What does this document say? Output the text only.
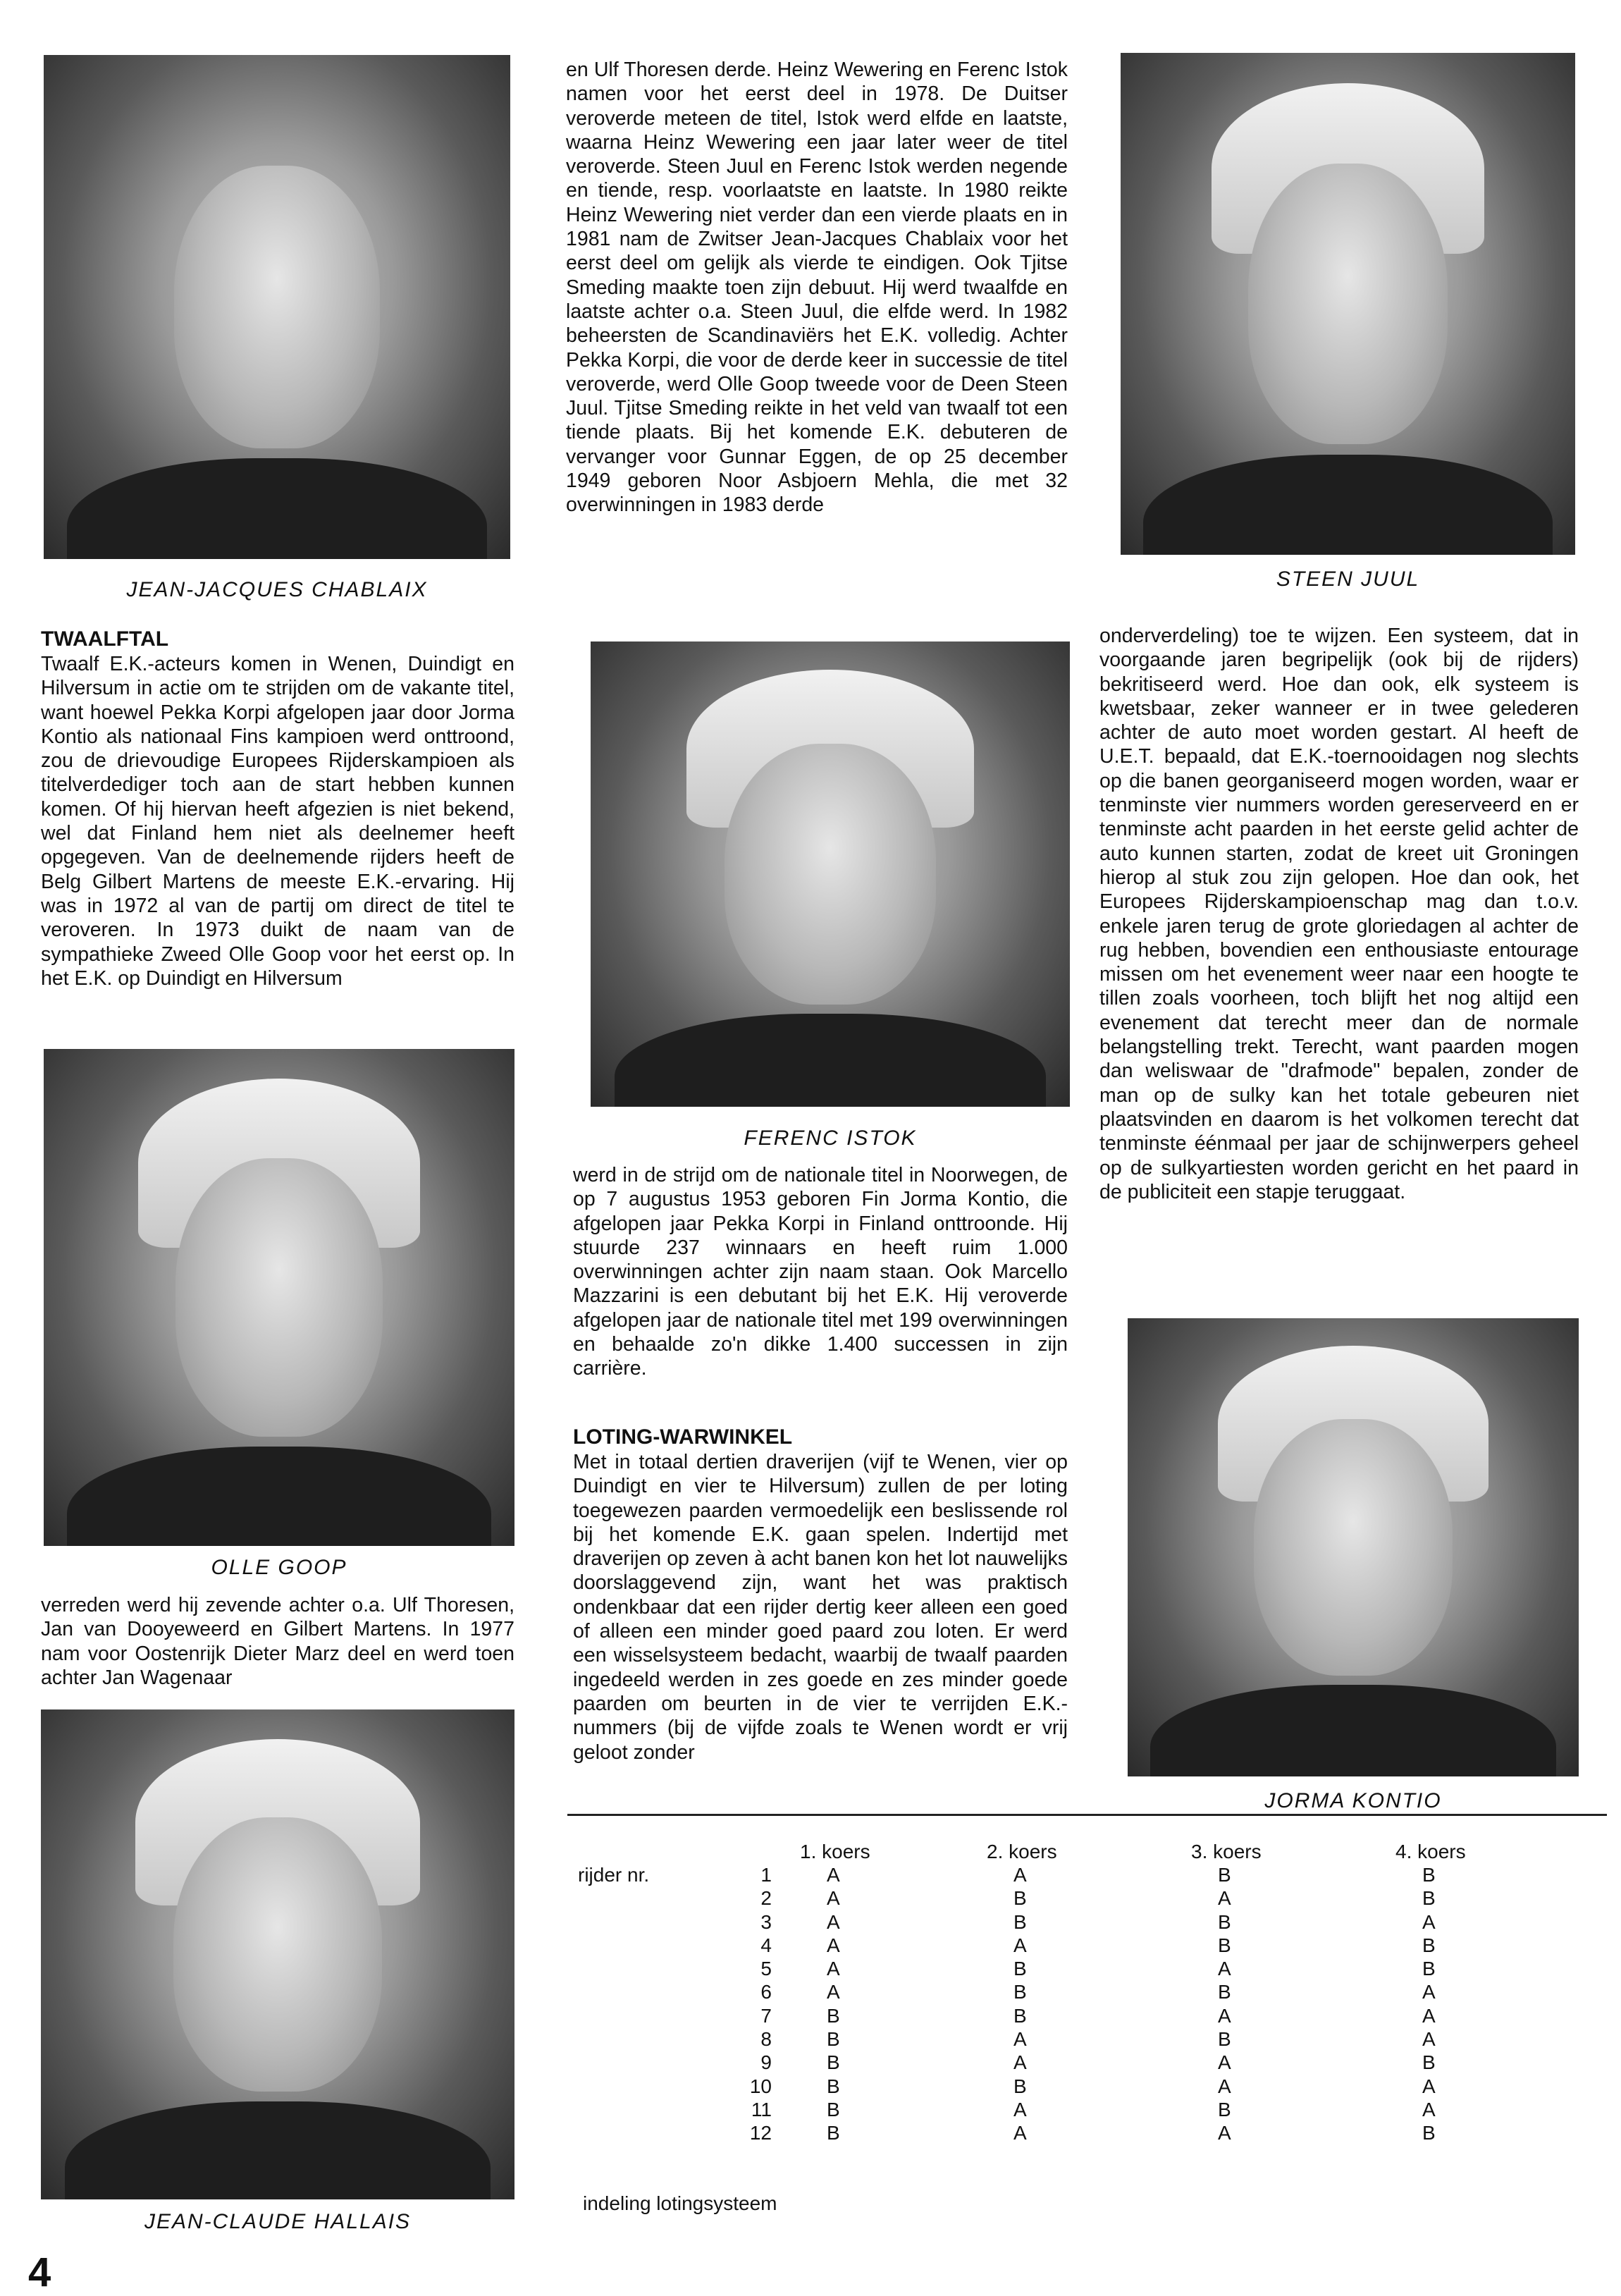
JEAN-JACQUES CHABLAIX	STEEN JUUL
FERENC ISTOK
OLLE GOOP
JORMA KONTIO
JEAN-CLAUDE HALLAIS
TWAALFTAL

Twaalf E.K.-acteurs komen in Wenen, Duindigt en Hilversum in actie om te strijden om de vakante titel, want hoewel Pekka Korpi afgelopen jaar door Jorma Kontio als nationaal Fins kampioen werd onttroond, zou de drievoudige Europees Rijderskampioen als titelverdediger toch aan de start hebben kunnen komen. Of hij hiervan heeft afgezien is niet bekend, wel dat Finland hem niet als deelnemer heeft opgegeven. Van de deelnemende rijders heeft de Belg Gilbert Martens de meeste E.K.-ervaring. Hij was in 1972 al van de partij om direct de titel te veroveren. In 1973 duikt de naam van de sympathieke Zweed Olle Goop voor het eerst op. In het E.K. op Duindigt en Hilversum

verreden werd hij zevende achter o.a. Ulf Thoresen, Jan van Dooyeweerd en Gilbert Martens. In 1977 nam voor Oostenrijk Dieter Marz deel en werd toen achter Jan Wagenaar

en Ulf Thoresen derde. Heinz Wewering en Ferenc Istok namen voor het eerst deel in 1978. De Duitser veroverde meteen de titel, Istok werd elfde en laatste, waarna Heinz Wewering een jaar later weer de titel veroverde. Steen Juul en Ferenc Istok werden negende en tiende, resp. voorlaatste en laatste. In 1980 reikte Heinz Wewering niet verder dan een vierde plaats en in 1981 nam de Zwitser Jean-Jacques Chablaix voor het eerst deel om gelijk als vierde te eindigen. Ook Tjitse Smeding maakte toen zijn debuut. Hij werd twaalfde en laatste achter o.a. Steen Juul, die elfde werd. In 1982 beheersten de Scandinaviërs het E.K. volledig. Achter Pekka Korpi, die voor de derde keer in successie de titel veroverde, werd Olle Goop tweede voor de Deen Steen Juul. Tjitse Smeding reikte in het veld van twaalf tot een tiende plaats. Bij het komende E.K. debuteren de vervanger voor Gunnar Eggen, de op 25 december 1949 geboren Noor Asbjoern Mehla, die met 32 overwinningen in 1983 derde

werd in de strijd om de nationale titel in Noorwegen, de op 7 augustus 1953 geboren Fin Jorma Kontio, die afgelopen jaar Pekka Korpi in Finland onttroonde. Hij stuurde 237 winnaars en heeft ruim 1.000 overwinningen achter zijn naam staan. Ook Marcello Mazzarini is een debutant bij het E.K. Hij veroverde afgelopen jaar de nationale titel met 199 overwinningen en behaalde zo'n dikke 1.400 successen in zijn carrière.

LOTING-WARWINKEL

Met in totaal dertien draverijen (vijf te Wenen, vier op Duindigt en vier te Hilversum) zullen de per loting toegewezen paarden vermoedelijk een beslissende rol bij het komende E.K. gaan spelen. Indertijd met draverijen op zeven à acht banen kon het lot nauwelijks doorslaggevend zijn, want het was praktisch ondenkbaar dat een rijder dertig keer alleen een goed of alleen een minder goed paard zou loten. Er werd een wisselsysteem bedacht, waarbij de twaalf paarden ingedeeld werden in zes goede en zes minder goede paarden om beurten in de vier te verrijden E.K.-nummers (bij de vijfde zoals te Wenen wordt er vrij geloot zonder

onderverdeling) toe te wijzen. Een systeem, dat in voorgaande jaren begripelijk (ook bij de rijders) bekritiseerd werd. Hoe dan ook, elk systeem is kwetsbaar, zeker wanneer er in twee gelederen achter de auto moet worden gestart. Al heeft de U.E.T. bepaald, dat E.K.-toernooidagen nog slechts op die banen georganiseerd mogen worden, waar er tenminste vier nummers worden gereserveerd en er tenminste acht paarden in het eerste gelid achter de auto kunnen starten, zodat de kreet uit Groningen hierop al stuk zou zijn gelopen. Hoe dan ook, het Europees Rijderskampioenschap mag dan t.o.v. enkele jaren terug de grote gloriedagen al achter de rug hebben, bovendien een enthousiaste entourage missen om het evenement weer naar een hoogte te tillen zoals voorheen, toch blijft het nog altijd een evenement dat terecht meer dan de normale belangstelling trekt. Terecht, want paarden mogen dan weliswaar de "drafmode" bepalen, zonder de man op de sulky kan het totale gebeuren niet plaatsvinden en daarom is het volkomen terecht dat tenminste éénmaal per jaar de schijnwerpers geheel op de sulkyartiesten worden gericht en het paard in de publiciteit een stapje teruggaat.

		1. koers	2. koers	3. koers	4. koers
rijder nr.	1	A	A	B	B
	2	A	B	A	B
	3	A	B	B	A
	4	A	A	B	B
	5	A	B	A	B
	6	A	B	B	A
	7	B	B	A	A
	8	B	A	B	A
	9	B	A	A	B
	10	B	B	A	A
	11	B	A	B	A
	12	B	A	A	B
indeling lotingsysteem
4
